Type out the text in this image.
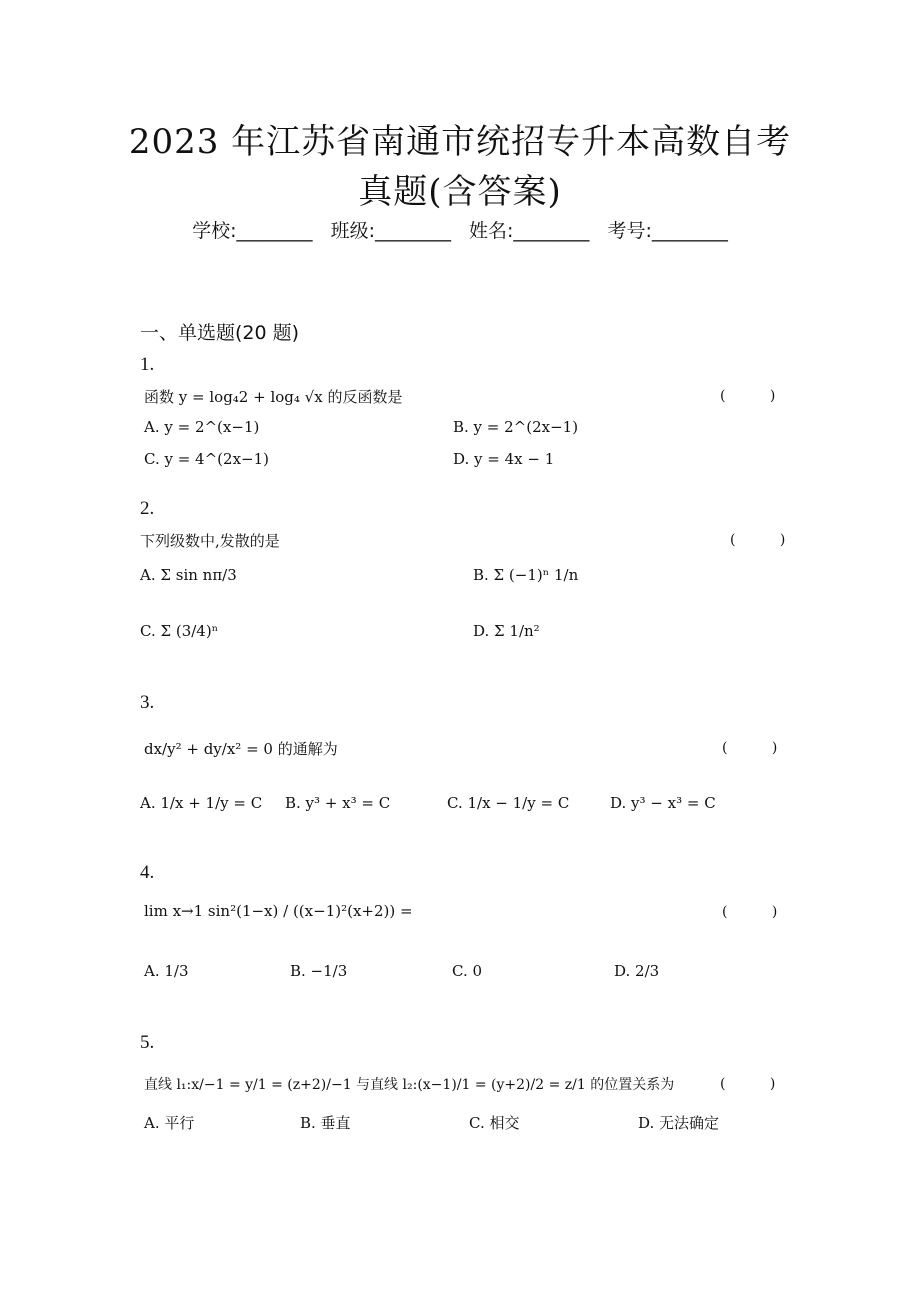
2023 年江苏省南通市统招专升本高数自考
真题(含答案)
学校:________ 班级:________ 姓名:________ 考号:________
一、单选题(20 题)
1.
函数 y = log₄2 + log₄ √x 的反函数是	( )
A. y = 2^(x−1)	B. y = 2^(2x−1)
C. y = 4^(2x−1)	D. y = 4x − 1
2.
下列级数中,发散的是	( )
A. Σ sin nπ/3	B. Σ (−1)ⁿ 1/n
C. Σ (3/4)ⁿ	D. Σ 1/n²
3.
dx/y² + dy/x² = 0 的通解为	( )
A. 1/x + 1/y = C B. y³ + x³ = C	C. 1/x − 1/y = C	D. y³ − x³ = C
4.
lim x→1 sin²(1−x) / ((x−1)²(x+2)) =	( )
A. 1/3	B. −1/3	C. 0	D. 2/3
5.
直线 l₁:x/−1 = y/1 = (z+2)/−1 与直线 l₂:(x−1)/1 = (y+2)/2 = z/1 的位置关系为	( )
A. 平行	B. 垂直	C. 相交	D. 无法确定
